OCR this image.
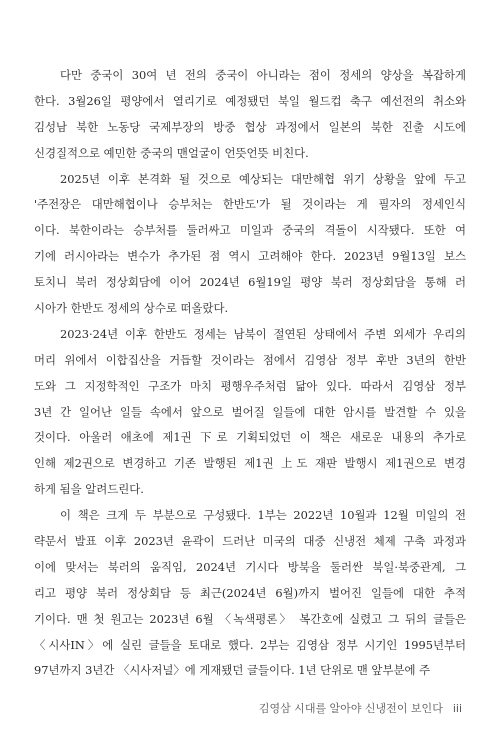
다만 중국이 30여 년 전의 중국이 아니라는 점이 정세의 양상을 복잡하게
한다. 3월26일 평양에서 열리기로 예정됐던 북일 월드컵 축구 예선전의 취소와
김성남 북한 노동당 국제부장의 방중 협상 과정에서 일본의 북한 진출 시도에
신경질적으로 예민한 중국의 맨얼굴이 언뜻언뜻 비친다.
2025년 이후 본격화 될 것으로 예상되는 대만해협 위기 상황을 앞에 두고
'주전장은 대만해협이나 승부처는 한반도'가 될 것이라는 게 필자의 정세인식
이다. 북한이라는 승부처를 둘러싸고 미일과 중국의 격돌이 시작됐다. 또한 여
기에 러시아라는 변수가 추가된 점 역시 고려해야 한다. 2023년 9월13일 보스
토치니 북러 정상회담에 이어 2024년 6월19일 평양 북러 정상회담을 통해 러
시아가 한반도 정세의 상수로 떠올랐다.
2023·24년 이후 한반도 정세는 남북이 절연된 상태에서 주변 외세가 우리의
머리 위에서 이합집산을 거듭할 것이라는 점에서 김영삼 정부 후반 3년의 한반
도와 그 지정학적인 구조가 마치 평행우주처럼 닮아 있다. 따라서 김영삼 정부
3년 간 일어난 일들 속에서 앞으로 벌어질 일들에 대한 암시를 발견할 수 있을
것이다. 아울러 애초에 제1권 下로 기획되었던 이 책은 새로운 내용의 추가로
인해 제2권으로 변경하고 기존 발행된 제1권 上도 재판 발행시 제1권으로 변경
하게 됨을 알려드린다.
이 책은 크게 두 부분으로 구성됐다. 1부는 2022년 10월과 12월 미일의 전
략문서 발표 이후 2023년 윤곽이 드러난 미국의 대중 신냉전 체제 구축 과정과
이에 맞서는 북러의 움직임, 2024년 기시다 방북을 둘러싼 북일·북중관계, 그
리고 평양 북러 정상회담 등 최근(2024년 6월)까지 벌어진 일들에 대한 추적
기이다. 맨 첫 원고는 2023년 6월 〈녹색평론〉 복간호에 실렸고 그 뒤의 글들은
〈시사IN〉에 실린 글들을 토대로 했다. 2부는 김영삼 정부 시기인 1995년부터
97년까지 3년간 〈시사저널〉에 게재됐던 글들이다. 1년 단위로 맨 앞부분에 주
김영삼 시대를 알아야 신냉전이 보인다 iii
